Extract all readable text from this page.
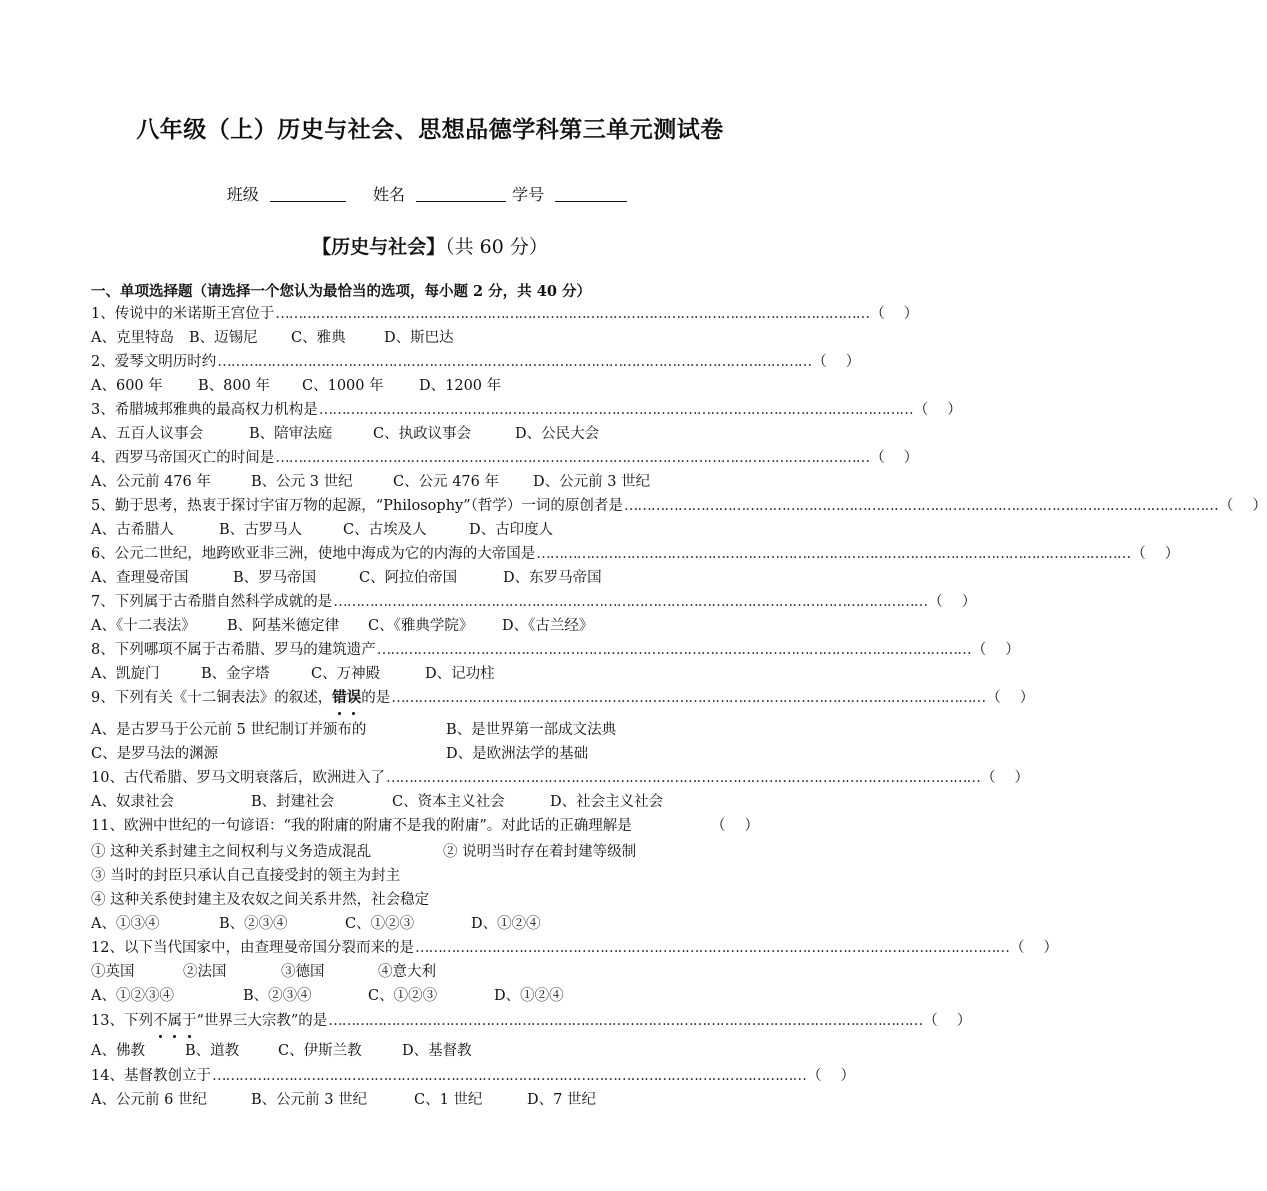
八年级（上）历史与社会、思想品德学科第三单元测试卷
班级	姓名	学号
【历史与社会】（共 60 分）
一、单项选择题（请选择一个您认为最恰当的选项，每小题 2 分，共 40 分）
1、传说中的米诺斯王宫位于 …………………………………………………………………………………………………………………… （ ）
A、克里特岛 B、迈锡尼 C、雅典	D、斯巴达
2、爱琴文明历时约 …………………………………………………………………………………………………………………… （ ）
A、600 年 B、800 年 C、1000 年 D、1200 年
3、希腊城邦雅典的最高权力机构是 …………………………………………………………………………………………………………………… （ ）
A、五百人议事会	B、陪审法庭	C、执政议事会	D、公民大会
4、西罗马帝国灭亡的时间是 …………………………………………………………………………………………………………………… （ ）
A、公元前 476 年	B、公元 3 世纪	C、公元 476 年 D、公元前 3 世纪
5、勤于思考，热衷于探讨宇宙万物的起源，“Philosophy”（哲学）一词的原创者是 …………………………………………………………………………………………………………………… （ ）
A、古希腊人	B、古罗马人	C、古埃及人	D、古印度人
6、公元二世纪，地跨欧亚非三洲，使地中海成为它的内海的大帝国是 …………………………………………………………………………………………………………………… （ ）
A、查理曼帝国	B、罗马帝国	C、阿拉伯帝国	D、东罗马帝国
7、下列属于古希腊自然科学成就的是 …………………………………………………………………………………………………………………… （ ）
A、《十二表法》 B、阿基米德定律 C、《雅典学院》 D、《古兰经》
8、下列哪项不属于古希腊、罗马的建筑遗产 …………………………………………………………………………………………………………………… （ ）
A、凯旋门	B、金字塔	C、万神殿	D、记功柱
9、下列有关《十二铜表法》的叙述，错
误
的是 …………………………………………………………………………………………………………………… （ ）
A、是古罗马于公元前 5 世纪制订并颁布的	B、是世界第一部成文法典
C、是罗马法的渊源	D、是欧洲法学的基础
10、古代希腊、罗马文明衰落后，欧洲进入了 …………………………………………………………………………………………………………………… （ ）
A、奴隶社会	B、封建社会	C、资本主义社会	D、社会主义社会
11、欧洲中世纪的一句谚语：“我的附庸的附庸不是我的附庸”。对此话的正确理解是	（ ）
① 这种关系封建主之间权利与义务造成混乱	② 说明当时存在着封建等级制
③ 当时的封臣只承认自己直接受封的领主为封主
④ 这种关系使封建主及农奴之间关系井然，社会稳定
A、①③④	B、②③④	C、①②③	D、①②④
12、以下当代国家中，由查理曼帝国分裂而来的是 …………………………………………………………………………………………………………………… （ ）
①英国	②法国	③德国	④意大利
A、①②③④	B、②③④	C、①②③	D、①②④
13、下列不
属
于
“世界三大宗教”的是 …………………………………………………………………………………………………………………… （ ）
A、佛教	B、道教	C、伊斯兰教	D、基督教
14、基督教创立于 …………………………………………………………………………………………………………………… （ ）
A、公元前 6 世纪	B、公元前 3 世纪	C、1 世纪	D、7 世纪
